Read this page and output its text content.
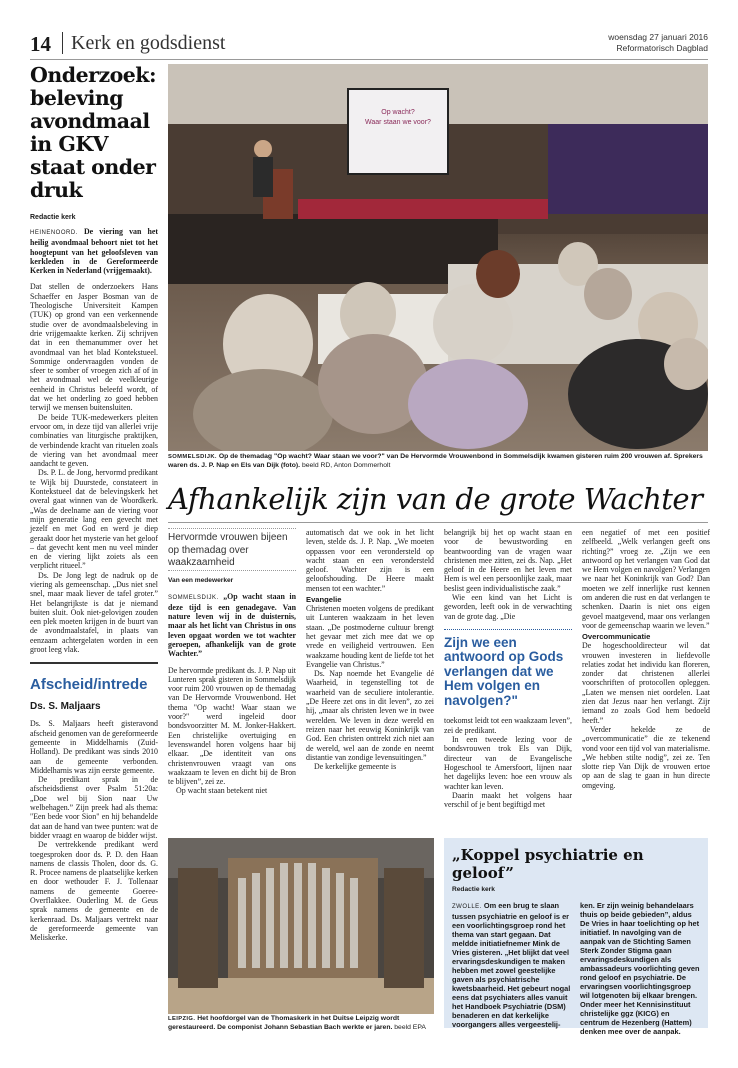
14	Kerk en godsdienst	woensdag 27 januari 2016
Reformatorisch Dagblad
Onderzoek: beleving avondmaal in GKV staat onder druk
Redactie kerk
HEINENOORD. De viering van het heilig avondmaal behoort niet tot het hoogtepunt van het geloofsleven van kerkleden in de Gereformeerde Kerken in Nederland (vrijgemaakt).
Dat stellen de onderzoekers Hans Schaeffer en Jasper Bosman van de Theologische Universiteit Kampen (TUK) op grond van een verkennende studie over de avondmaalsbeleving in drie vrijgemaakte kerken. Zij schrijven dat in een themanummer over het avondmaal van het blad Kontekstueel. Sommige ondervraagden vonden de sfeer te somber of vroegen zich af of in het avondmaal wel de veelkleurige eenheid in Christus beleefd wordt, of dat we het onderling zo goed hebben terwijl we mensen buitensluiten.
De beide TUK-medewerkers pleiten ervoor om, in deze tijd van allerlei vrije combinaties van liturgische praktijken, de verbindende kracht van rituelen zoals de viering van het avondmaal meer aandacht te geven.
Ds. P. L. de Jong, hervormd predikant te Wijk bij Duurstede, constateert in Kontekstueel dat de belevingskerk het overal gaat winnen van de Woordkerk. „Was de deelname aan de viering voor mijn generatie lang een gevecht met jezelf en met God en werd je diep geraakt door het mysterie van het geloof – dat gevecht kent men nu veel minder en de viering lijkt zoiets als een verplicht ritueel.”
Ds. De Jong legt de nadruk op de viering als gemeenschap. „Dus niet snel snel, maar maak liever de tafel groter.” Het belangrijkste is dat je niemand buiten sluit. Ook niet-gelovigen zouden een plek moeten krijgen in de buurt van de avondmaalstafel, in plaats van eenzaam achtergelaten worden in een groot leeg vlak.
Afscheid/intrede
Ds. S. Maljaars
Ds. S. Maljaars heeft gisteravond afscheid genomen van de gereformeerde gemeente in Middelharnis (Zuid-Holland). De predikant was sinds 2010 aan de gemeente verbonden. Middelharnis was zijn eerste gemeente.
De predikant sprak in de afscheidsdienst over Psalm 51:20a: „Doe wel bij Sion naar Uw welbehagen.” Zijn preek had als thema: "Een bede voor Sion" en hij behandelde dat aan de hand van twee punten: wat de bidder vraagt en waarop de bidder wijst.
De vertrekkende predikant werd toegesproken door ds. P. D. den Haan namens de classis Tholen, door ds. G. R. Procee namens de plaatselijke kerken en door wethouder F. J. Tollenaar namens de gemeente Goeree-Overflakkee. Ouderling M. de Geus sprak namens de gemeente en de kerkenraad. Ds. Maljaars vertrekt naar de gereformeerde gemeente van Meliskerke.
Op wacht?
Waar staan we voor?
SOMMELSDIJK. Op de themadag "Op wacht? Waar staan we voor?" van De Hervormde Vrouwenbond in Sommelsdijk kwamen gisteren ruim 200 vrouwen af. Sprekers waren ds. J. P. Nap en Els van Dijk (foto). beeld RD, Anton Dommerholt
Afhankelijk zijn van de grote Wachter
Hervormde vrouwen bijeen op themadag over waakzaamheid
Van een medewerker
SOMMELSDIJK. „Op wacht staan in deze tijd is een genadegave. Van nature leven wij in de duisternis, maar als het licht van Christus in ons leven opgaat worden we tot wachter geroepen, afhankelijk van de grote Wachter.”
De hervormde predikant ds. J. P. Nap uit Lunteren sprak gisteren in Sommelsdijk voor ruim 200 vrouwen op de themadag van De Hervormde Vrouwenbond. Het thema "Op wacht! Waar staan we voor?" werd ingeleid door bondsvoorzitter M. M. Jonker-Hakkert. Een christelijke overtuiging en levenswandel horen volgens haar bij elkaar. „De identiteit van ons christenvrouwen vraagt van ons waakzaam te leven en dicht bij de Bron te blijven”, zei ze.
Op wacht staan betekent niet
automatisch dat we ook in het licht leven, stelde ds. J. P. Nap. „We moeten oppassen voor een verondersteld op wacht staan en een verondersteld geloof. Wachter zijn is een geloofshouding. De Heere maakt mensen tot een wachter.”
Evangelie
Christenen moeten volgens de predikant uit Lunteren waakzaam in het leven staan. „De postmoderne cultuur brengt het gevaar met zich mee dat we op vrede en veiligheid vertrouwen. Een waakzame houding kent de liefde tot het Evangelie van Christus.”
Ds. Nap noemde het Evangelie dé Waarheid, in tegenstelling tot de waarheid van de seculiere intolerantie. „De Heere zet ons in dit leven”, zo zei hij, „maar als christen leven we in twee werelden. We leven in deze wereld en reizen naar het eeuwig Koninkrijk van God. Een christen onttrekt zich niet aan de wereld, wel aan de zonde en neemt distantie van zondige levensuitingen.”
De kerkelijke gemeente is
belangrijk bij het op wacht staan en voor de bewustwording en beantwoording van de vragen waar christenen mee zitten, zei ds. Nap. „Het geloof in de Heere en het leven met Hem is wel een persoonlijke zaak, maar beslist geen individualistische zaak.”
Wie een kind van het Licht is geworden, leeft ook in de verwachting van de grote dag. „Die
Zijn we een antwoord op Gods verlangen dat we Hem volgen en navolgen?"
toekomst leidt tot een waakzaam leven”, zei de predikant.
In een tweede lezing voor de bondsvrouwen trok Els van Dijk, directeur van de Evangelische Hogeschool te Amersfoort, lijnen naar het dagelijks leven: hoe een vrouw als wachter kan leven.
Daarin maakt het volgens haar verschil of je bent begiftigd met
een negatief of met een positief zelfbeeld. „Welk verlangen geeft ons richting?” vroeg ze. „Zijn we een antwoord op het verlangen van God dat we Hem volgen en navolgen? Verlangen we naar het Koninkrijk van God? Dan moeten we zelf innerlijke rust kennen om anderen die rust en dat verlangen te schenken. Daarin is niet ons eigen gevoel maatgevend, maar ons verlangen voor de gemeenschap waarin we leven.”
Overcommunicatie
De hogeschooldirecteur wil dat vrouwen investeren in liefdevolle relaties zodat het individu kan floreren, zonder dat christenen allerlei voorschriften of protocollen opleggen. „Laten we mensen niet oordelen. Laat zien dat Jezus naar hen verlangt. Zijr iemand zo zoals God hem bedoeld heeft.”
Verder hekelde ze de „overcommunicatie” die ze tekenend vond voor een tijd vol van materialisme. „We hebben stilte nodig”, zei ze. Ten slotte riep Van Dijk de vrouwen ertoe op aan de slag te gaan in hun directe omgeving.
LEIPZIG. Het hoofdorgel van de Thomaskerk in het Duitse Leipzig wordt gerestaureerd. De componist Johann Sebastian Bach werkte er jaren. beeld EPA
„Koppel psychiatrie en geloof”
Redactie kerk
ZWOLLE. Om een brug te slaan tussen psychiatrie en geloof is er een voorlichtingsgroep rond het thema van start gegaan. Dat meldde initiatiefnemer Mink de Vries gisteren. „Het blijkt dat veel ervaringsdeskundigen te maken hebben met zowel geestelijke gaven als psychiatrische kwetsbaarheid. Het gebeurt nogal eens dat psychiaters alles vanuit het Handboek Psychiatrie (DSM) benaderen en dat kerkelijke voorgangers alles vergeestelij-
ken. Er zijn weinig behandelaars thuis op beide gebieden”, aldus De Vries in haar toelichting op het initiatief. In navolging van de aanpak van de Stichting Samen Sterk Zonder Stigma gaan ervaringsdeskundigen als ambassadeurs voorlichting geven rond geloof en psychiatrie. De ervaringsen voorlichtingsgroep wil lotgenoten bij elkaar brengen. Onder meer het Kennisinstituut christelijke ggz (KICG) en centrum de Hezenberg (Hattem) denken mee over de aanpak.
